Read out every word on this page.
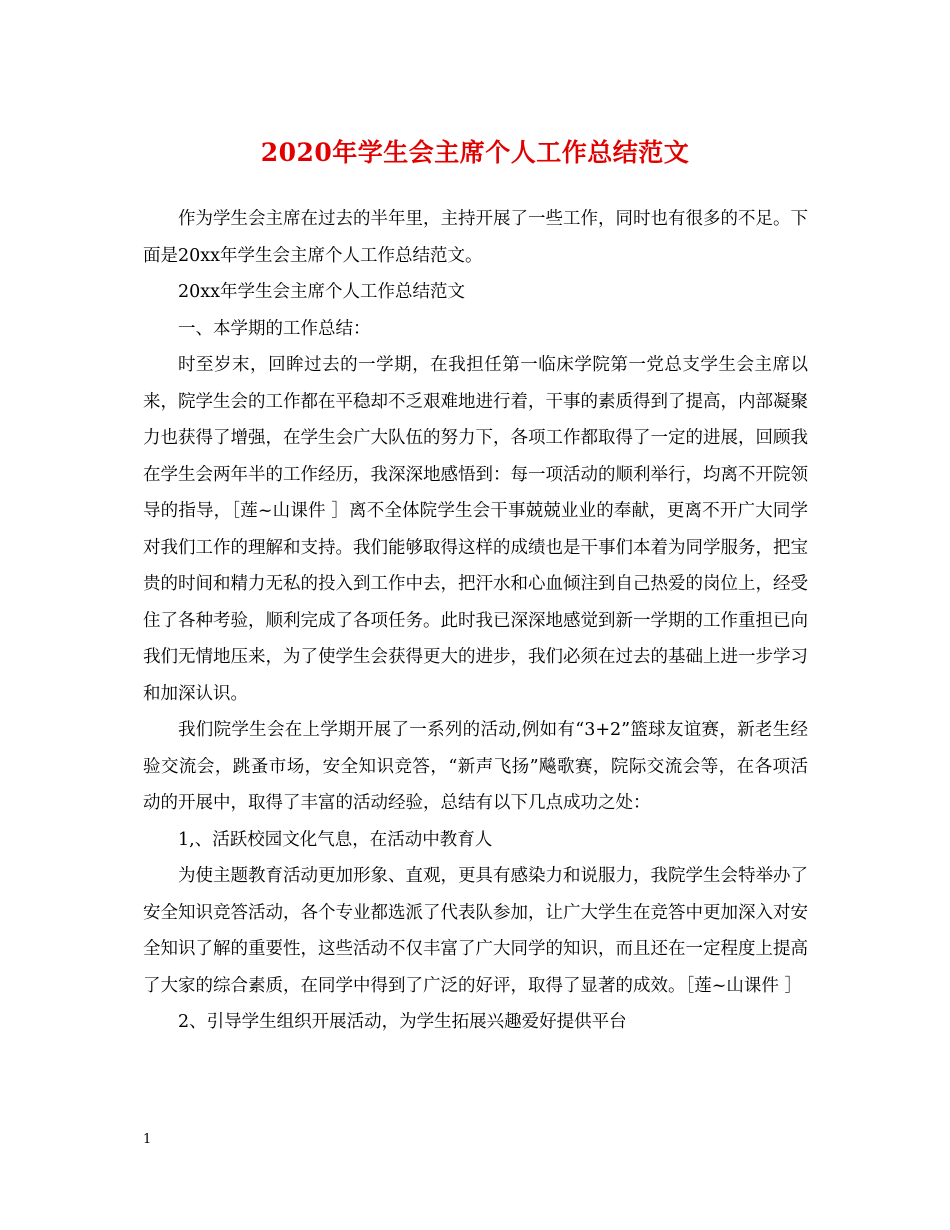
2020年学生会主席个人工作总结范文

作为学生会主席在过去的半年里，主持开展了一些工作，同时也有很多的不足。下面是20xx年学生会主席个人工作总结范文。

20xx年学生会主席个人工作总结范文

一、本学期的工作总结：

时至岁末，回眸过去的一学期，在我担任第一临床学院第一党总支学生会主席以来，院学生会的工作都在平稳却不乏艰难地进行着，干事的素质得到了提高，内部凝聚力也获得了增强，在学生会广大队伍的努力下，各项工作都取得了一定的进展，回顾我在学生会两年半的工作经历，我深深地感悟到：每一项活动的顺利举行，均离不开院领导的指导，［莲~山课件 ］离不全体院学生会干事兢兢业业的奉献，更离不开广大同学对我们工作的理解和支持。我们能够取得这样的成绩也是干事们本着为同学服务，把宝贵的时间和精力无私的投入到工作中去，把汗水和心血倾注到自己热爱的岗位上，经受住了各种考验，顺利完成了各项任务。此时我已深深地感觉到新一学期的工作重担已向我们无情地压来，为了使学生会获得更大的进步，我们必须在过去的基础上进一步学习和加深认识。

我们院学生会在上学期开展了一系列的活动,例如有“3+2”篮球友谊赛，新老生经验交流会，跳蚤市场，安全知识竞答，“新声飞扬”飚歌赛，院际交流会等，在各项活动的开展中，取得了丰富的活动经验，总结有以下几点成功之处：

1,、活跃校园文化气息，在活动中教育人

为使主题教育活动更加形象、直观，更具有感染力和说服力，我院学生会特举办了安全知识竞答活动，各个专业都选派了代表队参加，让广大学生在竞答中更加深入对安全知识了解的重要性，这些活动不仅丰富了广大同学的知识，而且还在一定程度上提高了大家的综合素质，在同学中得到了广泛的好评，取得了显著的成效。［莲~山课件 ］

2、引导学生组织开展活动，为学生拓展兴趣爱好提供平台

1
